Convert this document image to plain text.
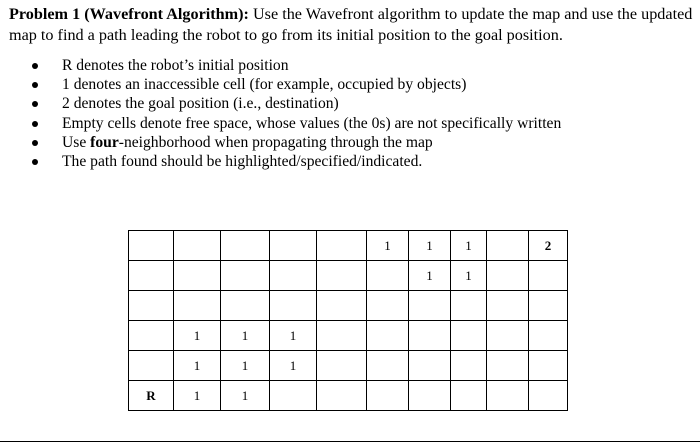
Problem 1 (Wavefront Algorithm): Use the Wavefront algorithm to update the map and use the updated map to find a path leading the robot to go from its initial position to the goal position.

R denotes the robot’s initial position
1 denotes an inaccessible cell (for example, occupied by objects)
2 denotes the goal position (i.e., destination)
Empty cells denote free space, whose values (the 0s) are not specifically written
Use four-neighborhood when propagating through the map
The path found should be highlighted/specified/indicated.
					1	1	1		2
						1	1		

	1	1	1						
	1	1	1						
R	1	1							
